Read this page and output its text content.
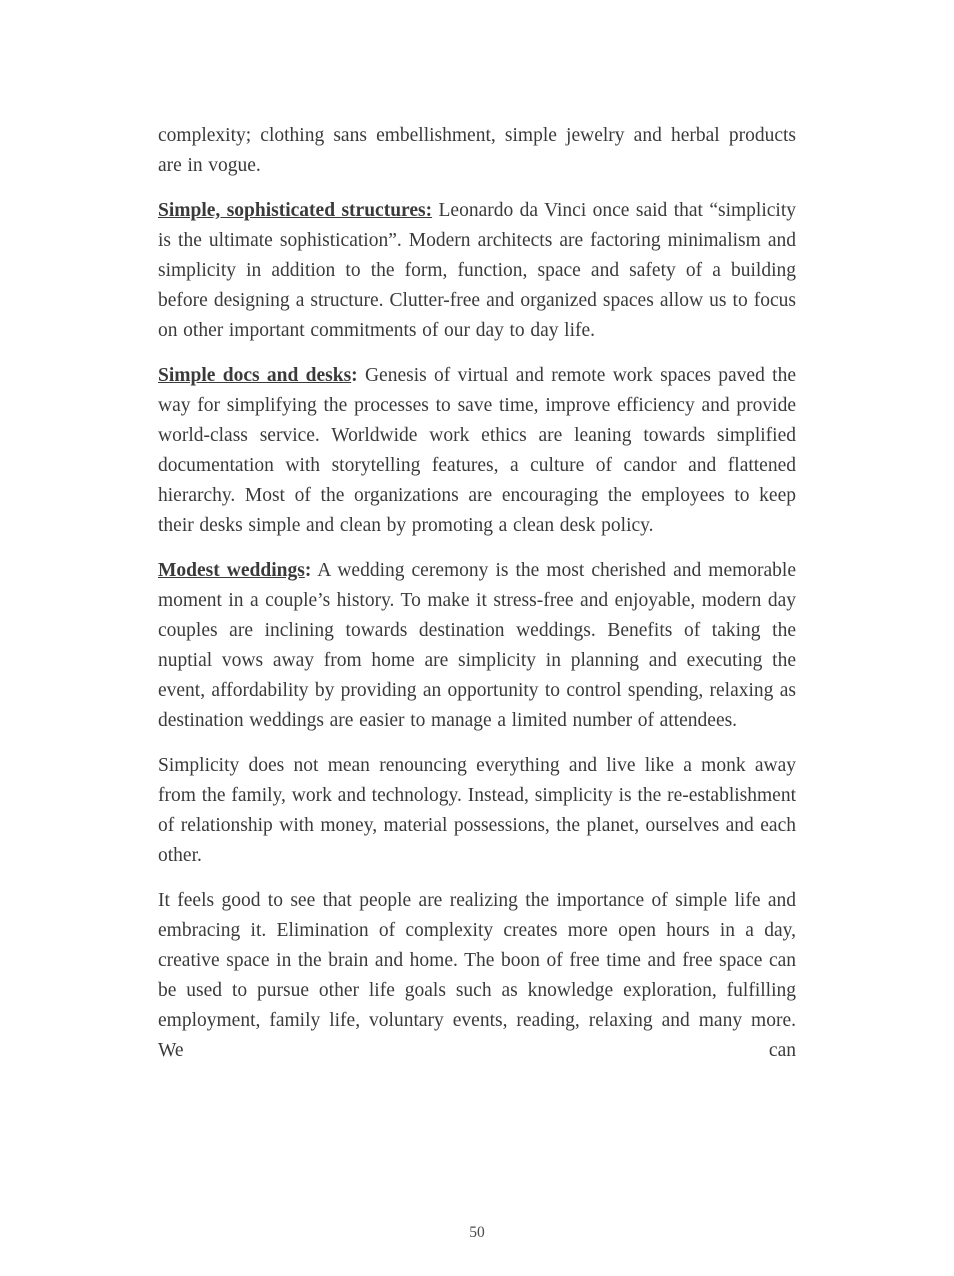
complexity; clothing sans embellishment, simple jewelry and herbal products are in vogue.

Simple, sophisticated structures: Leonardo da Vinci once said that “simplicity is the ultimate sophistication”. Modern architects are factoring minimalism and simplicity in addition to the form, function, space and safety of a building before designing a structure. Clutter-free and organized spaces allow us to focus on other important commitments of our day to day life.

Simple docs and desks: Genesis of virtual and remote work spaces paved the way for simplifying the processes to save time, improve efficiency and provide world-class service. Worldwide work ethics are leaning towards simplified documentation with storytelling features, a culture of candor and flattened hierarchy. Most of the organizations are encouraging the employees to keep their desks simple and clean by promoting a clean desk policy.

Modest weddings: A wedding ceremony is the most cherished and memorable moment in a couple’s history. To make it stress-free and enjoyable, modern day couples are inclining towards destination weddings. Benefits of taking the nuptial vows away from home are simplicity in planning and executing the event, affordability by providing an opportunity to control spending, relaxing as destination weddings are easier to manage a limited number of attendees.

Simplicity does not mean renouncing everything and live like a monk away from the family, work and technology. Instead, simplicity is the re-establishment of relationship with money, material possessions, the planet, ourselves and each other.

It feels good to see that people are realizing the importance of simple life and embracing it. Elimination of complexity creates more open hours in a day, creative space in the brain and home. The boon of free time and free space can be used to pursue other life goals such as knowledge exploration, fulfilling employment, family life, voluntary events, reading, relaxing and many more. We can

50
